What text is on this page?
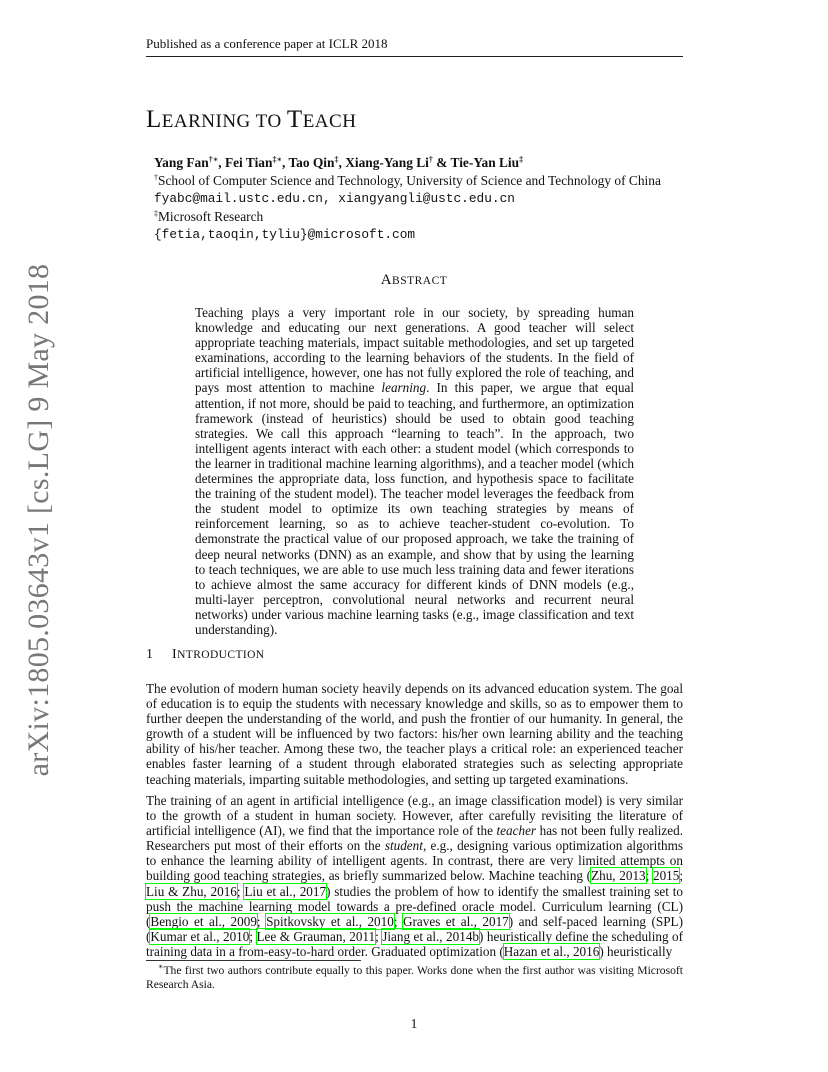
Published as a conference paper at ICLR 2018
arXiv:1805.03643v1 [cs.LG] 9 May 2018
LEARNING TO TEACH
Yang Fan†∗, Fei Tian‡∗, Tao Qin‡, Xiang-Yang Li† & Tie-Yan Liu‡
†School of Computer Science and Technology, University of Science and Technology of China
fyabc@mail.ustc.edu.cn, xiangyangli@ustc.edu.cn
‡Microsoft Research
{fetia,taoqin,tyliu}@microsoft.com
ABSTRACT
Teaching plays a very important role in our society, by spreading human knowledge and educating our next generations. A good teacher will select appropriate teaching materials, impact suitable methodologies, and set up targeted examinations, according to the learning behaviors of the students. In the field of artificial intelligence, however, one has not fully explored the role of teaching, and pays most attention to machine learning. In this paper, we argue that equal attention, if not more, should be paid to teaching, and furthermore, an optimization framework (instead of heuristics) should be used to obtain good teaching strategies. We call this approach “learning to teach”. In the approach, two intelligent agents interact with each other: a student model (which corresponds to the learner in traditional machine learning algorithms), and a teacher model (which determines the appropriate data, loss function, and hypothesis space to facilitate the training of the student model). The teacher model leverages the feedback from the student model to optimize its own teaching strategies by means of reinforcement learning, so as to achieve teacher-student co-evolution. To demonstrate the practical value of our proposed approach, we take the training of deep neural networks (DNN) as an example, and show that by using the learning to teach techniques, we are able to use much less training data and fewer iterations to achieve almost the same accuracy for different kinds of DNN models (e.g., multi-layer perceptron, convolutional neural networks and recurrent neural networks) under various machine learning tasks (e.g., image classification and text understanding).
1 INTRODUCTION
The evolution of modern human society heavily depends on its advanced education system. The goal of education is to equip the students with necessary knowledge and skills, so as to empower them to further deepen the understanding of the world, and push the frontier of our humanity. In general, the growth of a student will be influenced by two factors: his/her own learning ability and the teaching ability of his/her teacher. Among these two, the teacher plays a critical role: an experienced teacher enables faster learning of a student through elaborated strategies such as selecting appropriate teaching materials, imparting suitable methodologies, and setting up targeted examinations.
The training of an agent in artificial intelligence (e.g., an image classification model) is very similar to the growth of a student in human society. However, after carefully revisiting the literature of artificial intelligence (AI), we find that the importance role of the teacher has not been fully realized. Researchers put most of their efforts on the student, e.g., designing various optimization algorithms to enhance the learning ability of intelligent agents. In contrast, there are very limited attempts on building good teaching strategies, as briefly summarized below. Machine teaching (Zhu, 2013; 2015; Liu & Zhu, 2016; Liu et al., 2017) studies the problem of how to identify the smallest training set to push the machine learning model towards a pre-defined oracle model. Curriculum learning (CL) (Bengio et al., 2009; Spitkovsky et al., 2010; Graves et al., 2017) and self-paced learning (SPL) (Kumar et al., 2010; Lee & Grauman, 2011; Jiang et al., 2014b) heuristically define the scheduling of training data in a from-easy-to-hard order. Graduated optimization (Hazan et al., 2016) heuristically
∗The first two authors contribute equally to this paper. Works done when the first author was visiting Microsoft Research Asia.
1
